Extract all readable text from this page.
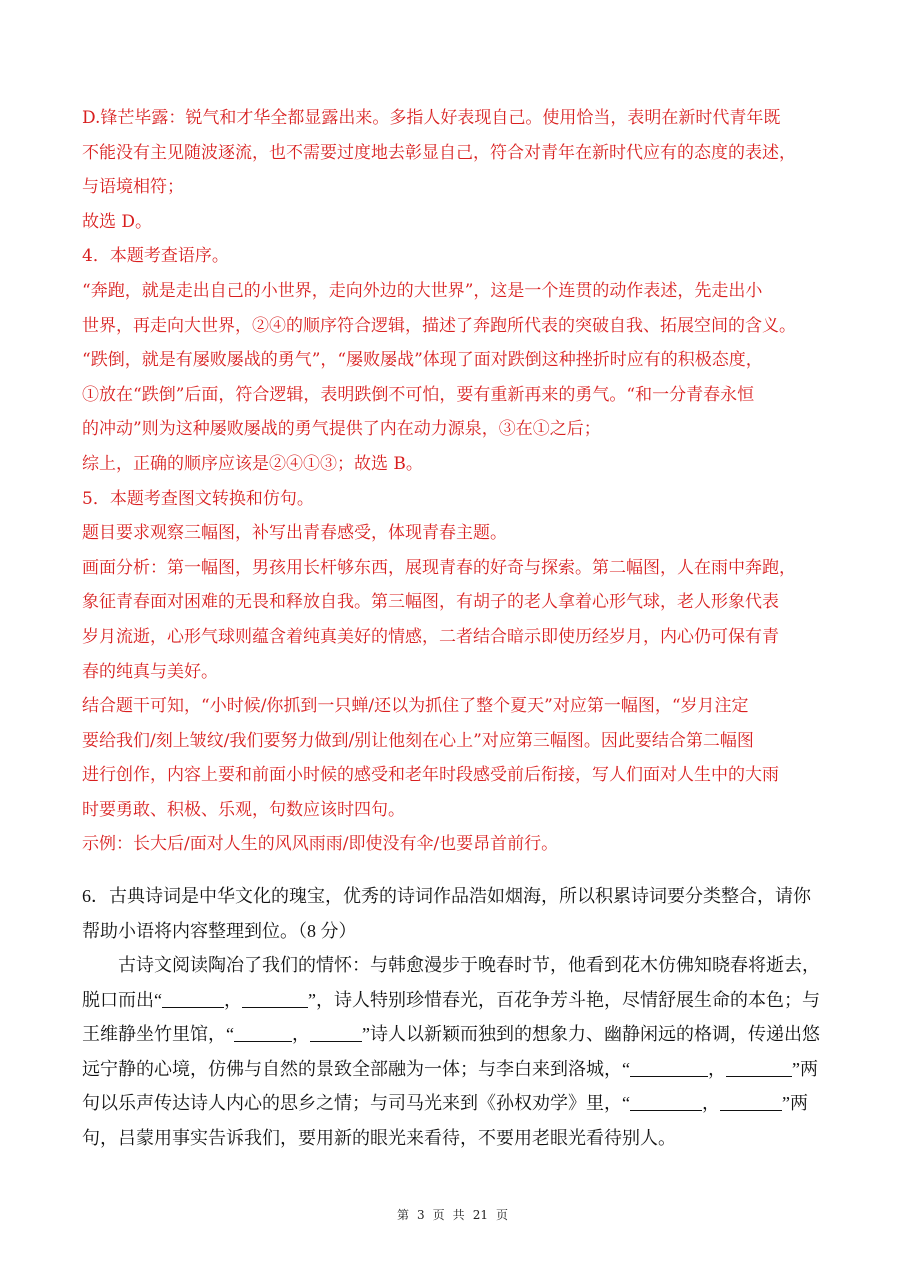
D.锋芒毕露：锐气和才华全都显露出来。多指人好表现自己。使用恰当，表明在新时代青年既

不能没有主见随波逐流，也不需要过度地去彰显自己，符合对青年在新时代应有的态度的表述，

与语境相符；

故选 D。

4．本题考查语序。

“奔跑，就是走出自己的小世界，走向外边的大世界”，这是一个连贯的动作表述，先走出小

世界，再走向大世界，②④的顺序符合逻辑，描述了奔跑所代表的突破自我、拓展空间的含义。

“跌倒，就是有屡败屡战的勇气”，“屡败屡战”体现了面对跌倒这种挫折时应有的积极态度，

①放在“跌倒”后面，符合逻辑，表明跌倒不可怕，要有重新再来的勇气。“和一分青春永恒

的冲动”则为这种屡败屡战的勇气提供了内在动力源泉，③在①之后；

综上，正确的顺序应该是②④①③；故选 B。

5．本题考查图文转换和仿句。

题目要求观察三幅图，补写出青春感受，体现青春主题。

画面分析：第一幅图，男孩用长杆够东西，展现青春的好奇与探索。第二幅图，人在雨中奔跑，

象征青春面对困难的无畏和释放自我。第三幅图，有胡子的老人拿着心形气球，老人形象代表

岁月流逝，心形气球则蕴含着纯真美好的情感，二者结合暗示即使历经岁月，内心仍可保有青

春的纯真与美好。

结合题干可知，“小时候/你抓到一只蝉/还以为抓住了整个夏天”对应第一幅图，“岁月注定

要给我们/刻上皱纹/我们要努力做到/别让他刻在心上”对应第三幅图。因此要结合第二幅图

进行创作，内容上要和前面小时候的感受和老年时段感受前后衔接，写人们面对人生中的大雨

时要勇敢、积极、乐观，句数应该时四句。

示例：长大后/面对人生的风风雨雨/即使没有伞/也要昂首前行。

6．古典诗词是中华文化的瑰宝，优秀的诗词作品浩如烟海，所以积累诗词要分类整合，请你帮助小语将内容整理到位。（8 分）

古诗文阅读陶冶了我们的情怀：与韩愈漫步于晚春时节，他看到花木仿佛知晓春将逝去，脱口而出“	，	”，诗人特别珍惜春光，百花争芳斗艳，尽情舒展生命的本色；与王维静坐竹里馆，“	，	”诗人以新颖而独到的想象力、幽静闲远的格调，传递出悠远宁静的心境，仿佛与自然的景致全部融为一体；与李白来到洛城，“	，	”两句以乐声传达诗人内心的思乡之情；与司马光来到《孙权劝学》里，“	，	”两句，吕蒙用事实告诉我们，要用新的眼光来看待，不要用老眼光看待别人。

第 3 页 共 21 页
